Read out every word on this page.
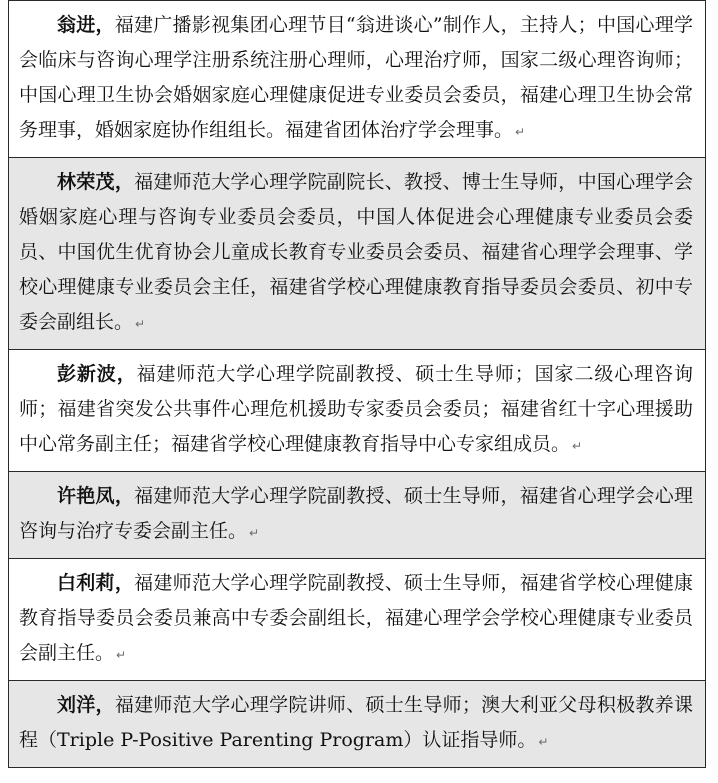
翁进，福建广播影视集团心理节目“翁进谈心”制作人，主持人；中国心理学会临床与咨询心理学注册系统注册心理师，心理治疗师，国家二级心理咨询师；中国心理卫生协会婚姻家庭心理健康促进专业委员会委员，福建心理卫生协会常务理事，婚姻家庭协作组组长。福建省团体治疗学会理事。 ↵

林荣茂，福建师范大学心理学院副院长、教授、博士生导师，中国心理学会婚姻家庭心理与咨询专业委员会委员，中国人体促进会心理健康专业委员会委员、中国优生优育协会儿童成长教育专业委员会委员、福建省心理学会理事、学校心理健康专业委员会主任，福建省学校心理健康教育指导委员会委员、初中专委会副组长。 ↵

彭新波，福建师范大学心理学院副教授、硕士生导师；国家二级心理咨询师；福建省突发公共事件心理危机援助专家委员会委员；福建省红十字心理援助中心常务副主任；福建省学校心理健康教育指导中心专家组成员。 ↵

许艳凤，福建师范大学心理学院副教授、硕士生导师，福建省心理学会心理咨询与治疗专委会副主任。 ↵

白利莉，福建师范大学心理学院副教授、硕士生导师，福建省学校心理健康教育指导委员会委员兼高中专委会副组长，福建心理学会学校心理健康专业委员会副主任。 ↵

刘洋，福建师范大学心理学院讲师、硕士生导师；澳大利亚父母积极教养课程（Triple P-Positive Parenting Program）认证指导师。 ↵
